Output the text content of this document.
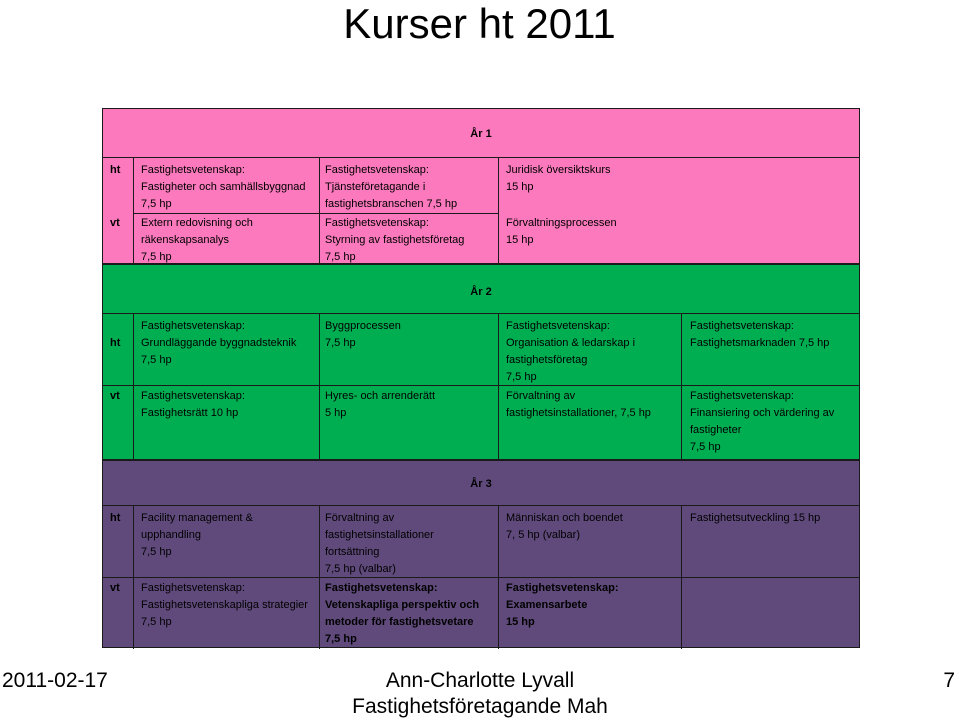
Kurser ht 2011
År 1
ht
vt
Fastighetsvetenskap:
Fastigheter och samhällsbyggnad
7,5 hp
Fastighetsvetenskap:
Tjänsteföretagande i
fastighetsbranschen 7,5 hp
Juridisk översiktskurs
15 hp
Extern redovisning och
räkenskapsanalys
7,5 hp
Fastighetsvetenskap:
Styrning av fastighetsföretag
7,5 hp
Förvaltningsprocessen
15 hp
År 2
ht
vt
Fastighetsvetenskap:
Grundläggande byggnadsteknik
7,5 hp
Byggprocessen
7,5 hp
Fastighetsvetenskap:
Organisation & ledarskap i
fastighetsföretag
7,5 hp
Fastighetsvetenskap:
Fastighetsmarknaden 7,5 hp
Fastighetsvetenskap:
Fastighetsrätt 10 hp
Hyres- och arrenderätt
5 hp
Förvaltning av
fastighetsinstallationer, 7,5 hp
Fastighetsvetenskap:
Finansiering och värdering av
fastigheter
7,5 hp
År 3
ht
vt
Facility management &
upphandling
7,5 hp
Förvaltning av
fastighetsinstallationer
fortsättning
7,5 hp (valbar)
Människan och boendet
7, 5 hp (valbar)
Fastighetsutveckling 15 hp
Fastighetsvetenskap:
Fastighetsvetenskapliga strategier
7,5 hp
Fastighetsvetenskap:
Vetenskapliga perspektiv och
metoder för fastighetsvetare
7,5 hp
Fastighetsvetenskap:
Examensarbete
15 hp
2011-02-17	Ann-Charlotte Lyvall
Fastighetsföretagande Mah
7
